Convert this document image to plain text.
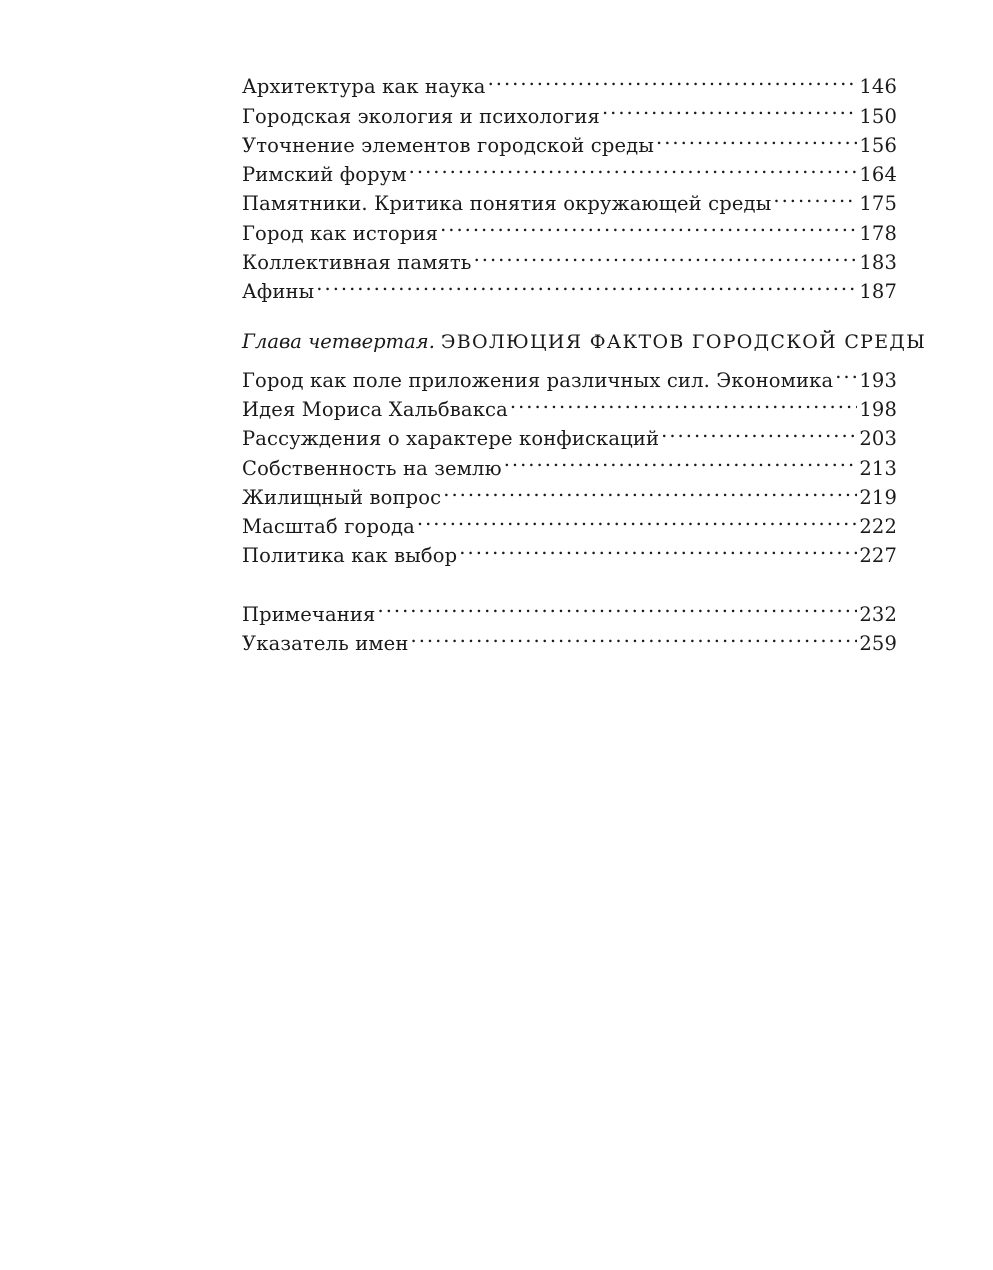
Архитектура как наука . . .	146
Городская экология и психология . . .	150
Уточнение элементов городской среды . . .	156
Римский форум . . .	164
Памятники. Критика понятия окружающей среды . . .	175
Город как история . . .	178
Коллективная память . . .	183
Афины . . .	187
Глава четвертая. ЭВОЛЮЦИЯ ФАКТОВ ГОРОДСКОЙ СРЕДЫ
Город как поле приложения различных сил. Экономика . . . 193
Идея Мориса Хальбвакса . . .	198
Рассуждения о характере конфискаций . . .	203
Собственность на землю . . .	213
Жилищный вопрос . . .	219
Масштаб города . . .	222
Политика как выбор . . .	227
Примечания . . .	232
Указатель имен . . .	259
